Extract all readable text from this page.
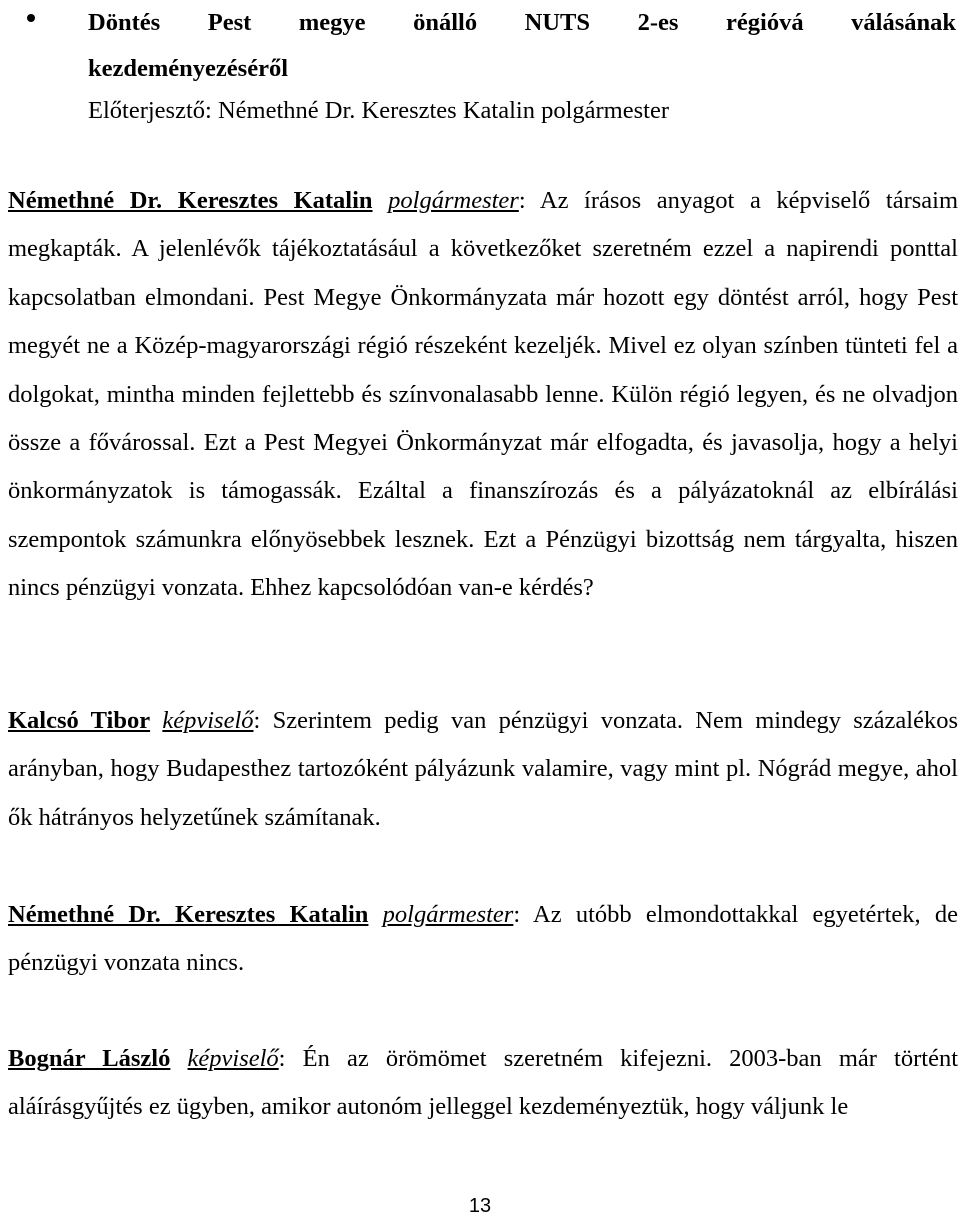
Döntés Pest megye önálló NUTS 2-es régióvá válásának
kezdeményezéséről
Előterjesztő: Némethné Dr. Keresztes Katalin polgármester

Némethné Dr. Keresztes Katalin polgármester: Az írásos anyagot a képviselő társaim megkapták. A jelenlévők tájékoztatásául a következőket szeretném ezzel a napirendi ponttal kapcsolatban elmondani. Pest Megye Önkormányzata már hozott egy döntést arról, hogy Pest megyét ne a Közép-magyarországi régió részeként kezeljék. Mivel ez olyan színben tünteti fel a dolgokat, mintha minden fejlettebb és színvonalasabb lenne. Külön régió legyen, és ne olvadjon össze a fővárossal. Ezt a Pest Megyei Önkormányzat már elfogadta, és javasolja, hogy a helyi önkormányzatok is támogassák. Ezáltal a finanszírozás és a pályázatoknál az elbírálási szempontok számunkra előnyösebbek lesznek. Ezt a Pénzügyi bizottság nem tárgyalta, hiszen nincs pénzügyi vonzata. Ehhez kapcsolódóan van-e kérdés?

Kalcsó Tibor képviselő: Szerintem pedig van pénzügyi vonzata. Nem mindegy százalékos arányban, hogy Budapesthez tartozóként pályázunk valamire, vagy mint pl. Nógrád megye, ahol ők hátrányos helyzetűnek számítanak.

Némethné Dr. Keresztes Katalin polgármester: Az utóbb elmondottakkal egyetértek, de pénzügyi vonzata nincs.

Bognár László képviselő: Én az örömömet szeretném kifejezni. 2003-ban már történt aláírásgyűjtés ez ügyben, amikor autonóm jelleggel kezdeményeztük, hogy váljunk le

13
